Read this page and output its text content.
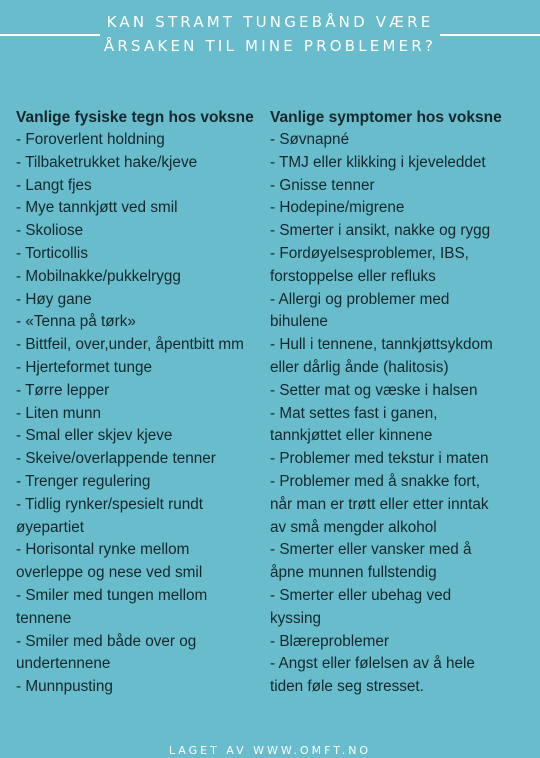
KAN STRAMT TUNGEBÅND VÆRE
ÅRSAKEN TIL MINE PROBLEMER?
Vanlige fysiske tegn hos voksne
- Foroverlent holdning
- Tilbaketrukket hake/kjeve
- Langt fjes
- Mye tannkjøtt ved smil
- Skoliose
- Torticollis
- Mobilnakke/pukkelrygg
- Høy gane
- «Tenna på tørk»
- Bittfeil, over,under, åpentbitt mm
- Hjerteformet tunge
- Tørre lepper
- Liten munn
- Smal eller skjev kjeve
- Skeive/overlappende tenner
- Trenger regulering
- Tidlig rynker/spesielt rundt
øyepartiet
- Horisontal rynke mellom
overleppe og nese ved smil
- Smiler med tungen mellom
tennene
- Smiler med både over og
undertennene
- Munnpusting
Vanlige symptomer hos voksne
- Søvnapné
- TMJ eller klikking i kjeveleddet
- Gnisse tenner
- Hodepine/migrene
- Smerter i ansikt, nakke og rygg
- Fordøyelsesproblemer, IBS,
forstoppelse eller refluks
- Allergi og problemer med
bihulene
- Hull i tennene, tannkjøttsykdom
eller dårlig ånde (halitosis)
- Setter mat og væske i halsen
- Mat settes fast i ganen,
tannkjøttet eller kinnene
- Problemer med tekstur i maten
- Problemer med å snakke fort,
når man er trøtt eller etter inntak
av små mengder alkohol
- Smerter eller vansker med å
åpne munnen fullstendig
- Smerter eller ubehag ved
kyssing
- Blæreproblemer
- Angst eller følelsen av å hele
tiden føle seg stresset.
LAGET AV WWW.OMFT.NO
